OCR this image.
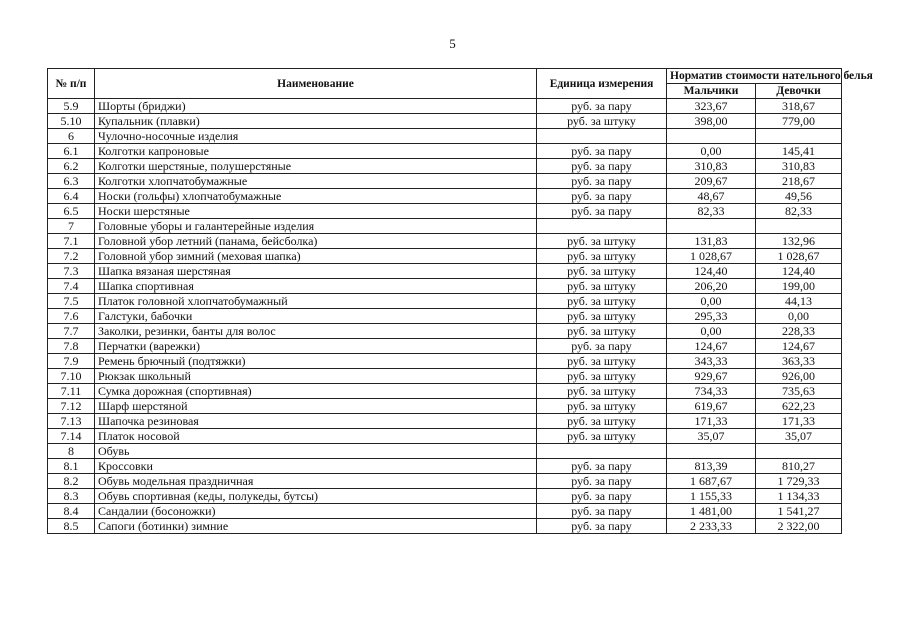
5
№ п/п	Наименование	Единица измерения	Норматив стоимости нательного белья	
			Мальчики	Девочки
5.9	Шорты (бриджи)	руб. за пару	323,67	318,67
5.10	Купальник (плавки)	руб. за штуку	398,00	779,00
6	Чулочно-носочные изделия			
6.1	Колготки капроновые	руб. за пару	0,00	145,41
6.2	Колготки шерстяные, полушерстяные	руб. за пару	310,83	310,83
6.3	Колготки хлопчатобумажные	руб. за пару	209,67	218,67
6.4	Носки (гольфы) хлопчатобумажные	руб. за пару	48,67	49,56
6.5	Носки шерстяные	руб. за пару	82,33	82,33
7	Головные уборы и галантерейные изделия			
7.1	Головной убор летний (панама, бейсболка)	руб. за штуку	131,83	132,96
7.2	Головной убор зимний (меховая шапка)	руб. за штуку	1 028,67	1 028,67
7.3	Шапка вязаная шерстяная	руб. за штуку	124,40	124,40
7.4	Шапка спортивная	руб. за штуку	206,20	199,00
7.5	Платок головной хлопчатобумажный	руб. за штуку	0,00	44,13
7.6	Галстуки, бабочки	руб. за штуку	295,33	0,00
7.7	Заколки, резинки, банты для волос	руб. за штуку	0,00	228,33
7.8	Перчатки (варежки)	руб. за пару	124,67	124,67
7.9	Ремень брючный (подтяжки)	руб. за штуку	343,33	363,33
7.10	Рюкзак школьный	руб. за штуку	929,67	926,00
7.11	Сумка дорожная (спортивная)	руб. за штуку	734,33	735,63
7.12	Шарф шерстяной	руб. за штуку	619,67	622,23
7.13	Шапочка резиновая	руб. за штуку	171,33	171,33
7.14	Платок носовой	руб. за штуку	35,07	35,07
8	Обувь			
8.1	Кроссовки	руб. за пару	813,39	810,27
8.2	Обувь модельная праздничная	руб. за пару	1 687,67	1 729,33
8.3	Обувь спортивная (кеды, полукеды, бутсы)	руб. за пару	1 155,33	1 134,33
8.4	Сандалии (босоножки)	руб. за пару	1 481,00	1 541,27
8.5	Сапоги (ботинки) зимние	руб. за пару	2 233,33	2 322,00
